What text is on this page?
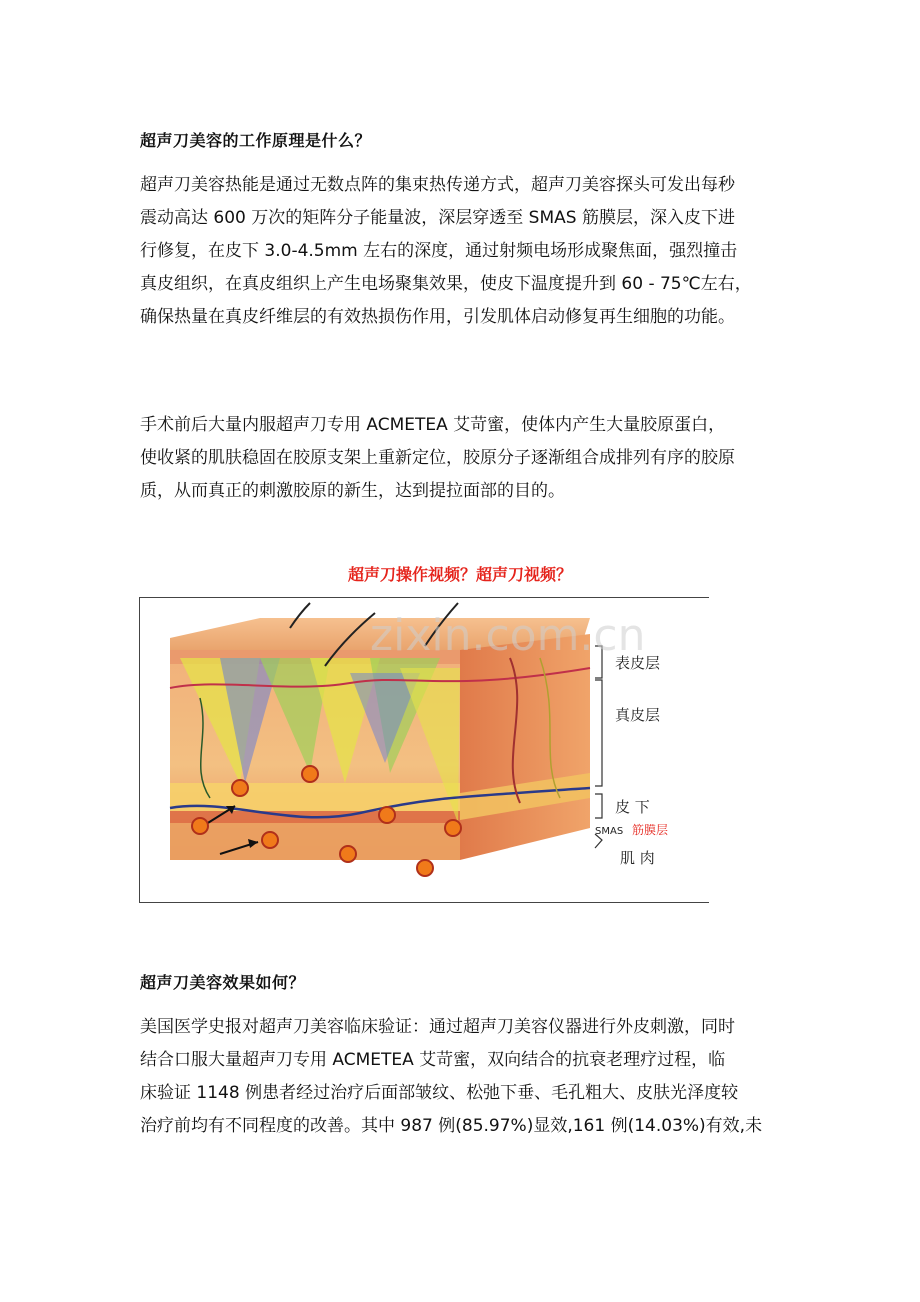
超声刀美容的工作原理是什么？
超声刀美容热能是通过无数点阵的集束热传递方式，超声刀美容探头可发出每秒
震动高达 600 万次的矩阵分子能量波，深层穿透至 SMAS 筋膜层，深入皮下进
行修复，在皮下 3.0-4.5mm 左右的深度，通过射频电场形成聚焦面，强烈撞击
真皮组织，在真皮组织上产生电场聚集效果，使皮下温度提升到 60 - 75℃左右，
确保热量在真皮纤维层的有效热损伤作用，引发肌体启动修复再生细胞的功能。
手术前后大量内服超声刀专用 ACMETEA 艾苛蜜，使体内产生大量胶原蛋白，
使收紧的肌肤稳固在胶原支架上重新定位，胶原分子逐渐组合成排列有序的胶原
质，从而真正的刺激胶原的新生，达到提拉面部的目的。
超声刀操作视频？超声刀视频？
表皮层
真皮层
皮 下
SMAS 筋膜层
肌 肉
zixin.com.cn
超声刀美容效果如何？
美国医学史报对超声刀美容临床验证：通过超声刀美容仪器进行外皮刺激，同时
结合口服大量超声刀专用 ACMETEA 艾苛蜜，双向结合的抗衰老理疗过程，临
床验证 1148 例患者经过治疗后面部皱纹、松弛下垂、毛孔粗大、皮肤光泽度较
治疗前均有不同程度的改善。其中 987 例(85.97%)显效,161 例(14.03%)有效,未
